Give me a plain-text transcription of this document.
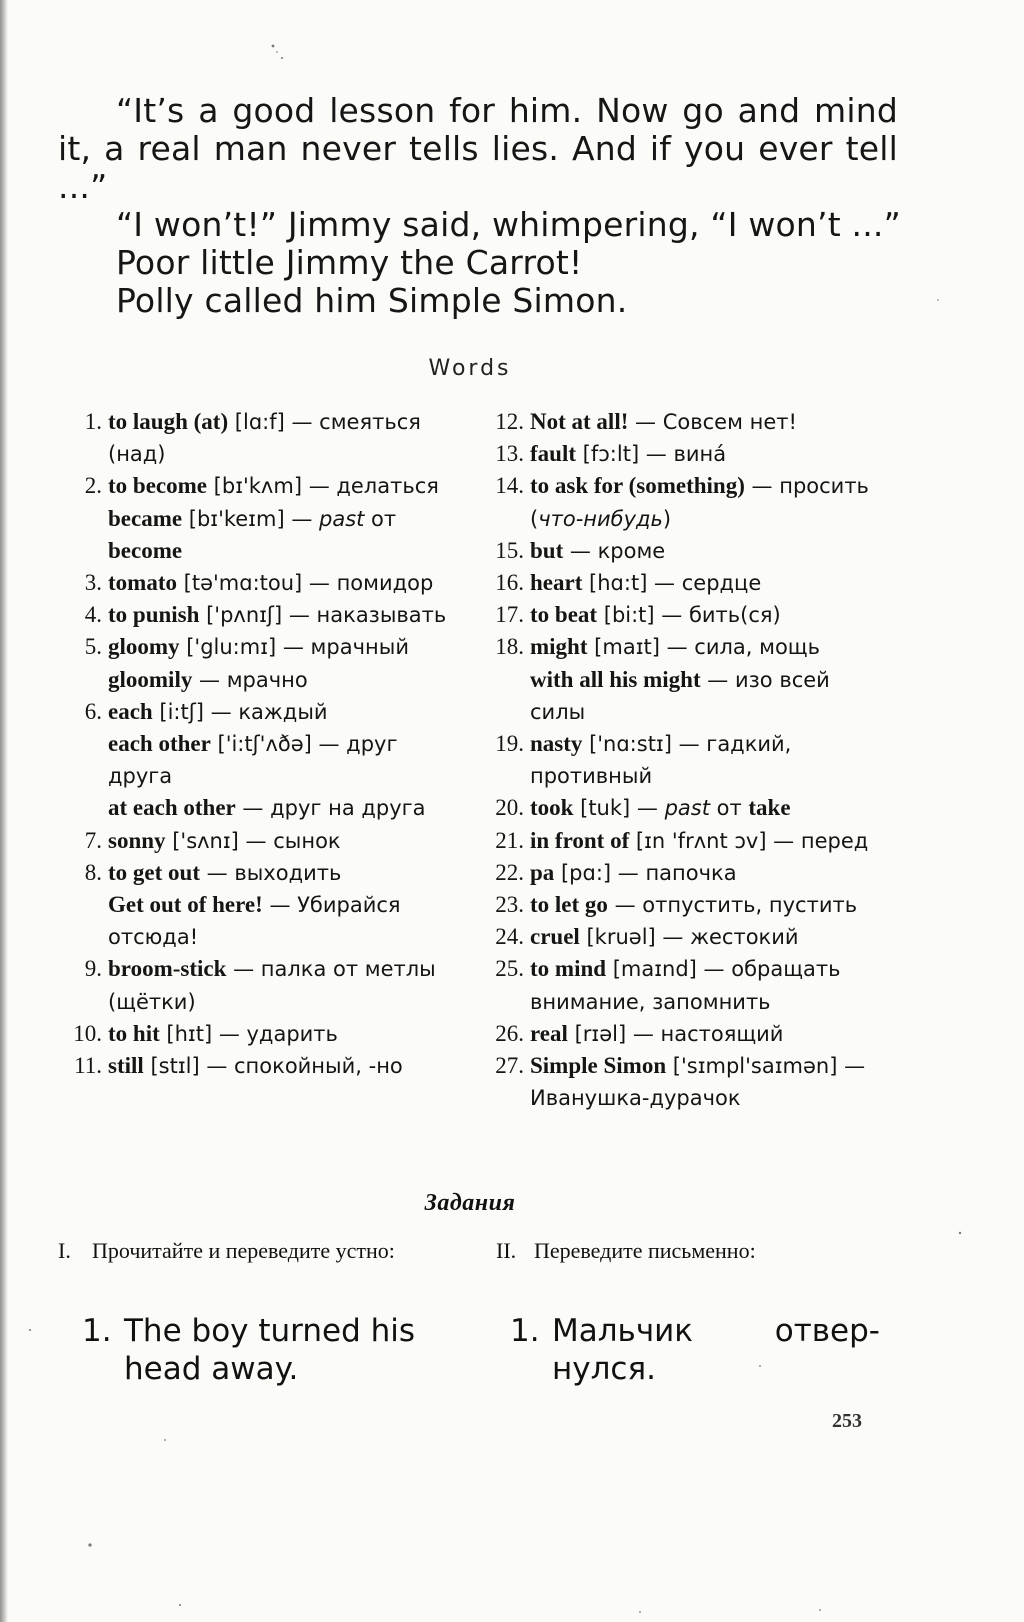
“It’s a good lesson for him. Now go and mind it, a real man never tells lies. And if you ever tell ...”

“I won’t!” Jimmy said, whimpering, “I won’t ...”

Poor little Jimmy the Carrot!

Polly called him Simple Simon.

Words
1. to laugh (at) [lɑ:f] — смеяться (над)
2. to become [bɪ'kʌm] — делаться
became [bɪ'keɪm] — past от become
3. tomato [tə'mɑ:tou] — помидор
4. to punish ['pʌnɪʃ] — наказывать
5. gloomy ['glu:mɪ] — мрачный
gloomily — мрачно
6. each [i:tʃ] — каждый
each other ['i:tʃ'ʌðə] — друг друга
at each other — друг на друга
7. sonny ['sʌnɪ] — сынок
8. to get out — выходить
Get out of here! — Убирайся отсюда!
9. broom-stick — палка от метлы (щётки)
10. to hit [hɪt] — ударить
11. still [stɪl] — спокойный, -но
12. Not at all! — Совсем нет!
13. fault [fɔ:lt] — вина́
14. to ask for (something) — просить (что-нибудь)
15. but — кроме
16. heart [hɑ:t] — сердце
17. to beat [bi:t] — бить(ся)
18. might [maɪt] — сила, мощь
with all his might — изо всей силы
19. nasty ['nɑ:stɪ] — гадкий, противный
20. took [tuk] — past от take
21. in front of [ɪn 'frʌnt ɔv] — перед
22. pa [pɑ:] — папочка
23. to let go — отпустить, пустить
24. cruel [kruəl] — жестокий
25. to mind [maɪnd] — обращать внимание, запомнить
26. real [rɪəl] — настоящий
27. Simple Simon ['sɪmpl'saɪmən] — Иванушка-дурачок
Задания
I. Прочитайте и переведите устно:	II. Переведите письменно:
1. The boy turned his
head away.
1. Мальчик	отвер-
нулся.
253
